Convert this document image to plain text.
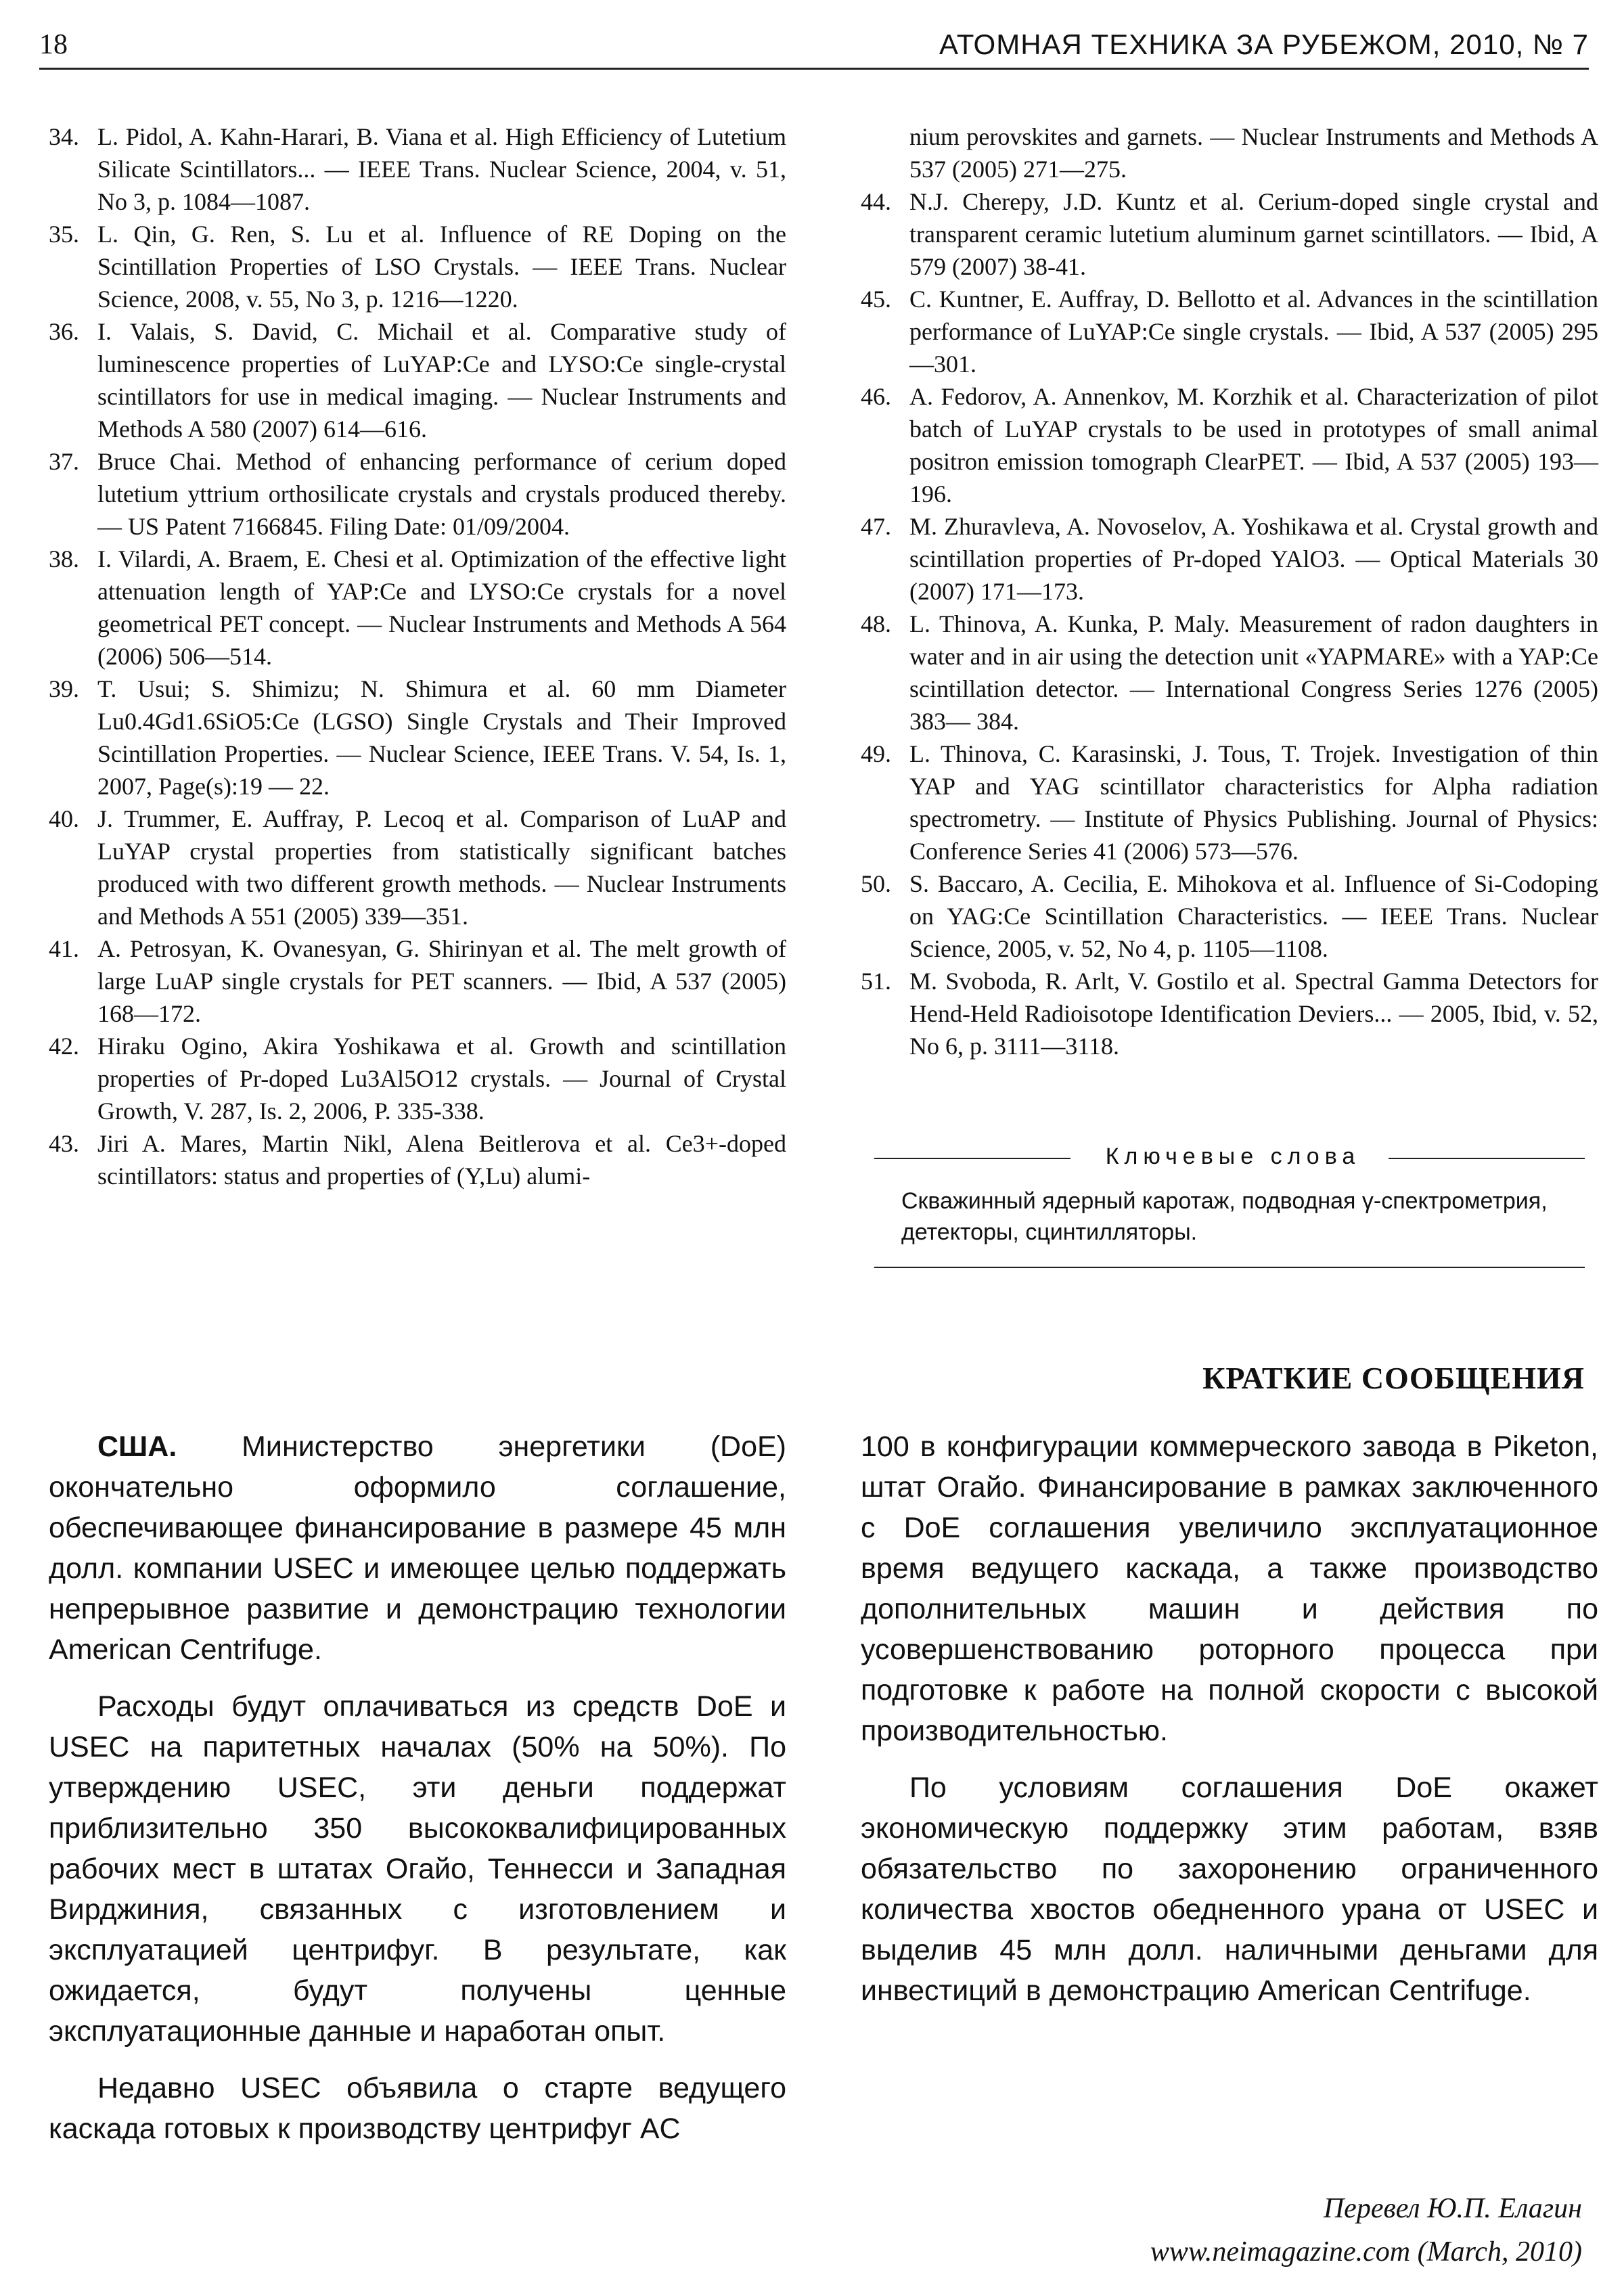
18	АТОМНАЯ ТЕХНИКА ЗА РУБЕЖОМ, 2010, № 7

34. L. Pidol, A. Kahn-Harari, B. Viana et al. High Efficiency of Lutetium Silicate Scintillators... — IEEE Trans. Nuclear Science, 2004, v. 51, No 3, p. 1084—1087.

35. L. Qin, G. Ren, S. Lu et al. Influence of RE Doping on the Scintillation Properties of LSO Crystals. — IEEE Trans. Nuclear Science, 2008, v. 55, No 3, p. 1216—1220.

36. I. Valais, S. David, C. Michail et al. Comparative study of luminescence properties of LuYAP:Ce and LYSO:Ce single-crystal scintillators for use in medical imaging. — Nuclear Instruments and Methods A 580 (2007) 614—616.

37. Bruce Chai. Method of enhancing performance of cerium doped lutetium yttrium orthosilicate crystals and crystals produced thereby. — US Patent 7166845. Filing Date: 01/09/2004.

38. I. Vilardi, A. Braem, E. Chesi et al. Optimization of the effective light attenuation length of YAP:Ce and LYSO:Ce crystals for a novel geometrical PET concept. — Nuclear Instruments and Methods A 564 (2006) 506—514.

39. T. Usui; S. Shimizu; N. Shimura et al. 60 mm Diameter Lu0.4Gd1.6SiO5:Ce (LGSO) Single Crystals and Their Improved Scintillation Properties. — Nuclear Science, IEEE Trans. V. 54, Is. 1, 2007, Page(s):19 — 22.

40. J. Trummer, E. Auffray, P. Lecoq et al. Comparison of LuAP and LuYAP crystal properties from statistically significant batches produced with two different growth methods. — Nuclear Instruments and Methods A 551 (2005) 339—351.

41. A. Petrosyan, K. Ovanesyan, G. Shirinyan et al. The melt growth of large LuAP single crystals for PET scanners. — Ibid, A 537 (2005) 168—172.

42. Hiraku Ogino, Akira Yoshikawa et al. Growth and scintillation properties of Pr-doped Lu3Al5O12 crystals. — Journal of Crystal Growth, V. 287, Is. 2, 2006, P. 335-338.

43. Jiri A. Mares, Martin Nikl, Alena Beitlerova et al. Ce3+-doped scintillators: status and properties of (Y,Lu) alumi-

nium perovskites and garnets. — Nuclear Instruments and Methods A 537 (2005) 271—275.

44. N.J. Cherepy, J.D. Kuntz et al. Cerium-doped single crystal and transparent ceramic lutetium aluminum garnet scintillators. — Ibid, A 579 (2007) 38-41.

45. C. Kuntner, E. Auffray, D. Bellotto et al. Advances in the scintillation performance of LuYAP:Ce single crystals. — Ibid, A 537 (2005) 295—301.

46. A. Fedorov, A. Annenkov, M. Korzhik et al. Characterization of pilot batch of LuYAP crystals to be used in prototypes of small animal positron emission tomograph ClearPET. — Ibid, A 537 (2005) 193—196.

47. M. Zhuravleva, A. Novoselov, A. Yoshikawa et al. Crystal growth and scintillation properties of Pr-doped YAlO3. — Optical Materials 30 (2007) 171—173.

48. L. Thinova, A. Kunka, P. Maly. Measurement of radon daughters in water and in air using the detection unit «YAPMARE» with a YAP:Ce scintillation detector. — International Congress Series 1276 (2005) 383— 384.

49. L. Thinova, C. Karasinski, J. Tous, T. Trojek. Investigation of thin YAP and YAG scintillator characteristics for Alpha radiation spectrometry. — Institute of Physics Publishing. Journal of Physics: Conference Series 41 (2006) 573—576.

50. S. Baccaro, A. Cecilia, E. Mihokova et al. Influence of Si-Codoping on YAG:Ce Scintillation Characteristics. — IEEE Trans. Nuclear Science, 2005, v. 52, No 4, p. 1105—1108.

51. M. Svoboda, R. Arlt, V. Gostilo et al. Spectral Gamma Detectors for Hend-Held Radioisotope Identification Deviers... — 2005, Ibid, v. 52, No 6, p. 3111—3118.

Ключевые слова
Скважинный ядерный каротаж, подводная γ-спектрометрия, детекторы, сцинтилляторы.
КРАТКИЕ СООБЩЕНИЯ

США. Министерство энергетики (DoE) окончательно оформило соглашение, обеспечивающее финансирование в размере 45 млн долл. компании USEC и имеющее целью поддержать непрерывное развитие и демонстрацию технологии American Centrifuge.

Расходы будут оплачиваться из средств DoE и USEC на паритетных началах (50% на 50%). По утверждению USEC, эти деньги поддержат приблизительно 350 высококвалифицированных рабочих мест в штатах Огайо, Теннесси и Западная Вирджиния, связанных с изготовлением и эксплуатацией центрифуг. В результате, как ожидается, будут получены ценные эксплуатационные данные и наработан опыт.

Недавно USEC объявила о старте ведущего каскада готовых к производству центрифуг AC

100 в конфигурации коммерческого завода в Piketon, штат Огайо. Финансирование в рамках заключенного с DoE соглашения увеличило эксплуатационное время ведущего каскада, а также производство дополнительных машин и действия по усовершенствованию роторного процесса при подготовке к работе на полной скорости с высокой производительностью.

По условиям соглашения DoE окажет экономическую поддержку этим работам, взяв обязательство по захоронению ограниченного количества хвостов обедненного урана от USEC и выделив 45 млн долл. наличными деньгами для инвестиций в демонстрацию American Centrifuge.

Перевел Ю.П. Елагин
www.neimagazine.com (March, 2010)
